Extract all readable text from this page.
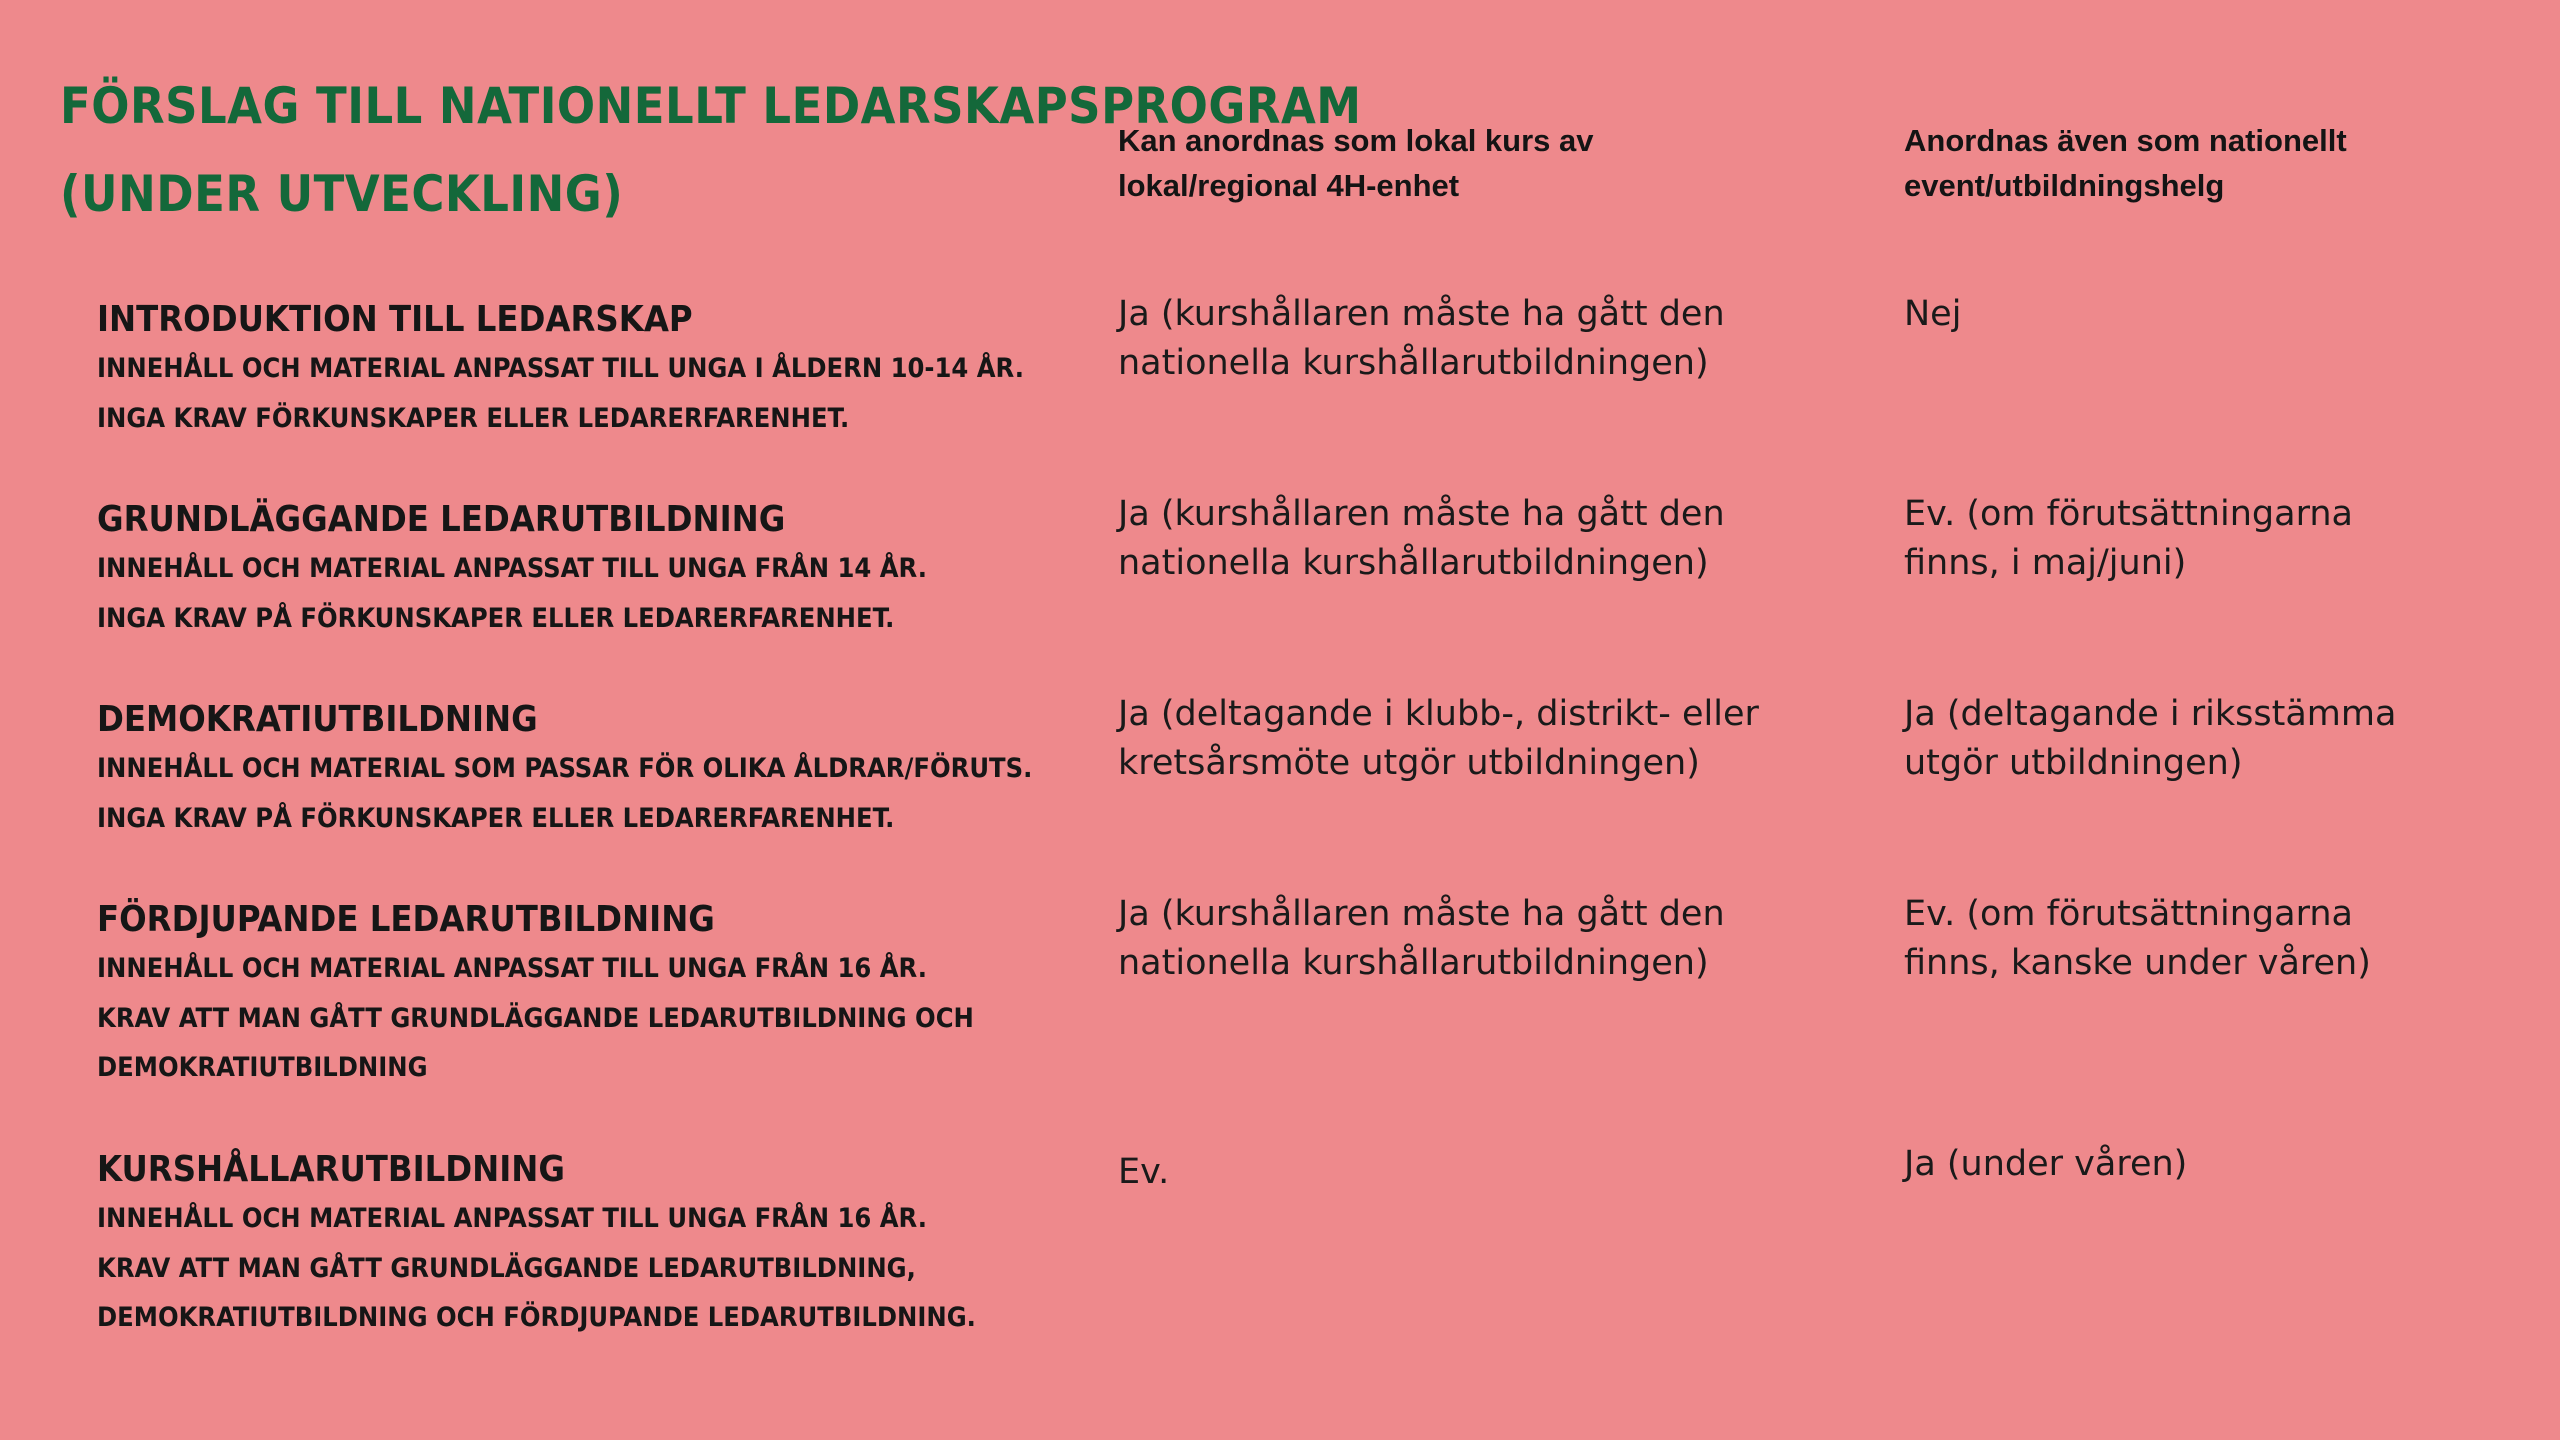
FÖRSLAG TILL NATIONELLT LEDARSKAPSPROGRAM
(UNDER UTVECKLING)
Kan anordnas som lokal kurs av
lokal/regional 4H-enhet
Anordnas även som nationellt
event/utbildningshelg
INTRODUKTION TILL LEDARSKAP
INNEHÅLL OCH MATERIAL ANPASSAT TILL UNGA I ÅLDERN 10-14 ÅR.
INGA KRAV FÖRKUNSKAPER ELLER LEDARERFARENHET.
Ja (kurshållaren måste ha gått den
nationella kurshållarutbildningen)
Nej
GRUNDLÄGGANDE LEDARUTBILDNING
INNEHÅLL OCH MATERIAL ANPASSAT TILL UNGA FRÅN 14 ÅR.
INGA KRAV PÅ FÖRKUNSKAPER ELLER LEDARERFARENHET.
Ja (kurshållaren måste ha gått den
nationella kurshållarutbildningen)
Ev. (om förutsättningarna
finns, i maj/juni)
DEMOKRATIUTBILDNING
INNEHÅLL OCH MATERIAL SOM PASSAR FÖR OLIKA ÅLDRAR/FÖRUTS.
INGA KRAV PÅ FÖRKUNSKAPER ELLER LEDARERFARENHET.
Ja (deltagande i klubb-, distrikt- eller
kretsårsmöte utgör utbildningen)
Ja (deltagande i riksstämma
utgör utbildningen)
FÖRDJUPANDE LEDARUTBILDNING
INNEHÅLL OCH MATERIAL ANPASSAT TILL UNGA FRÅN 16 ÅR.
KRAV ATT MAN GÅTT GRUNDLÄGGANDE LEDARUTBILDNING OCH
DEMOKRATIUTBILDNING
Ja (kurshållaren måste ha gått den
nationella kurshållarutbildningen)
Ev. (om förutsättningarna
finns, kanske under våren)
KURSHÅLLARUTBILDNING
INNEHÅLL OCH MATERIAL ANPASSAT TILL UNGA FRÅN 16 ÅR.
KRAV ATT MAN GÅTT GRUNDLÄGGANDE LEDARUTBILDNING,
DEMOKRATIUTBILDNING OCH FÖRDJUPANDE LEDARUTBILDNING.
Ev.	Ja (under våren)
